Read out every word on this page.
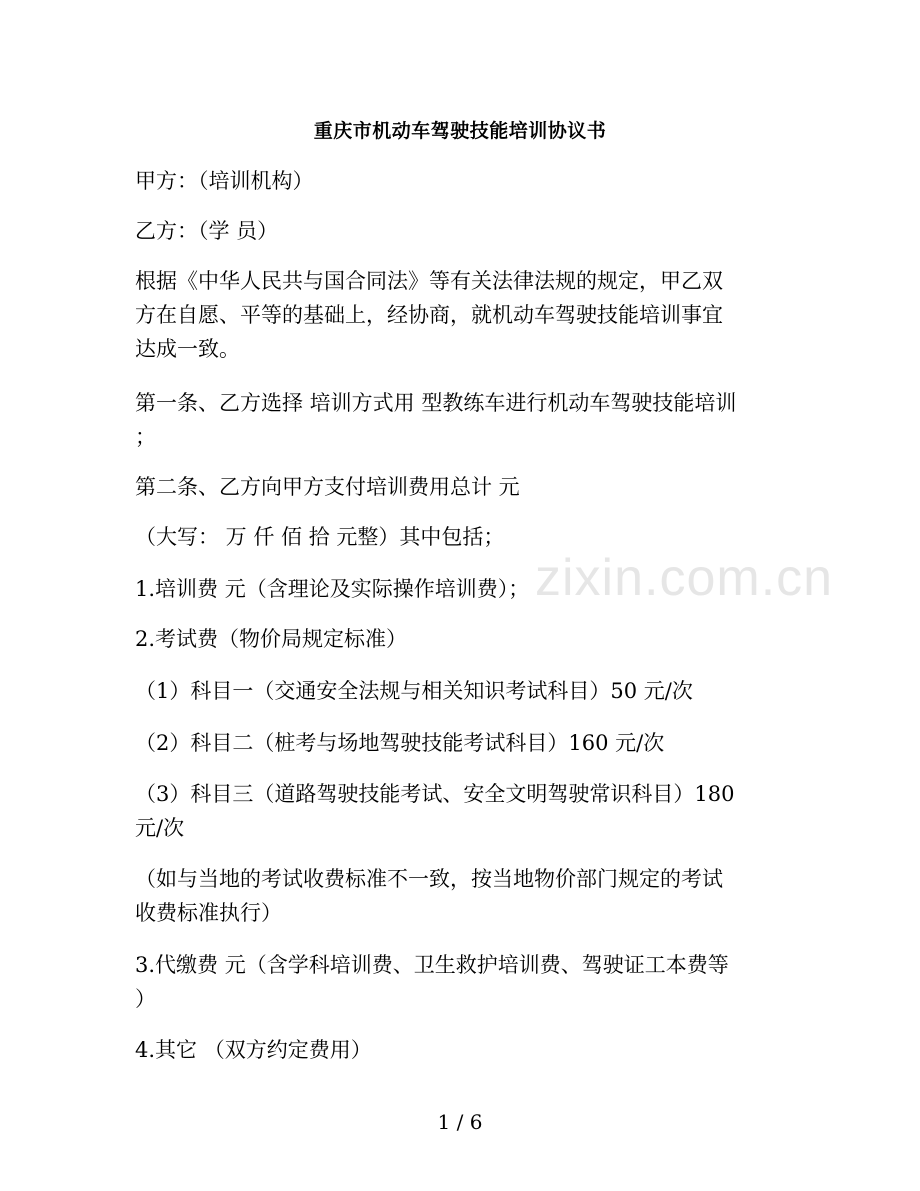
重庆市机动车驾驶技能培训协议书
甲方：（培训机构）
乙方：（学 员）
根据《中华人民共与国合同法》等有关法律法规的规定，甲乙双
方在自愿、平等的基础上，经协商，就机动车驾驶技能培训事宜
达成一致。
第一条、乙方选择 培训方式用 型教练车进行机动车驾驶技能培训
；
第二条、乙方向甲方支付培训费用总计 元
（大写： 万 仟 佰 拾 元整）其中包括；
zixin.com.cn
1.培训费 元（含理论及实际操作培训费）；
2.考试费（物价局规定标准）
（1）科目一（交通安全法规与相关知识考试科目）50 元/次
（2）科目二（桩考与场地驾驶技能考试科目）160 元/次
（3）科目三（道路驾驶技能考试、安全文明驾驶常识科目）180
元/次
（如与当地的考试收费标准不一致，按当地物价部门规定的考试
收费标准执行）
3.代缴费 元（含学科培训费、卫生救护培训费、驾驶证工本费等
）
4.其它 （双方约定费用）
1 / 6
